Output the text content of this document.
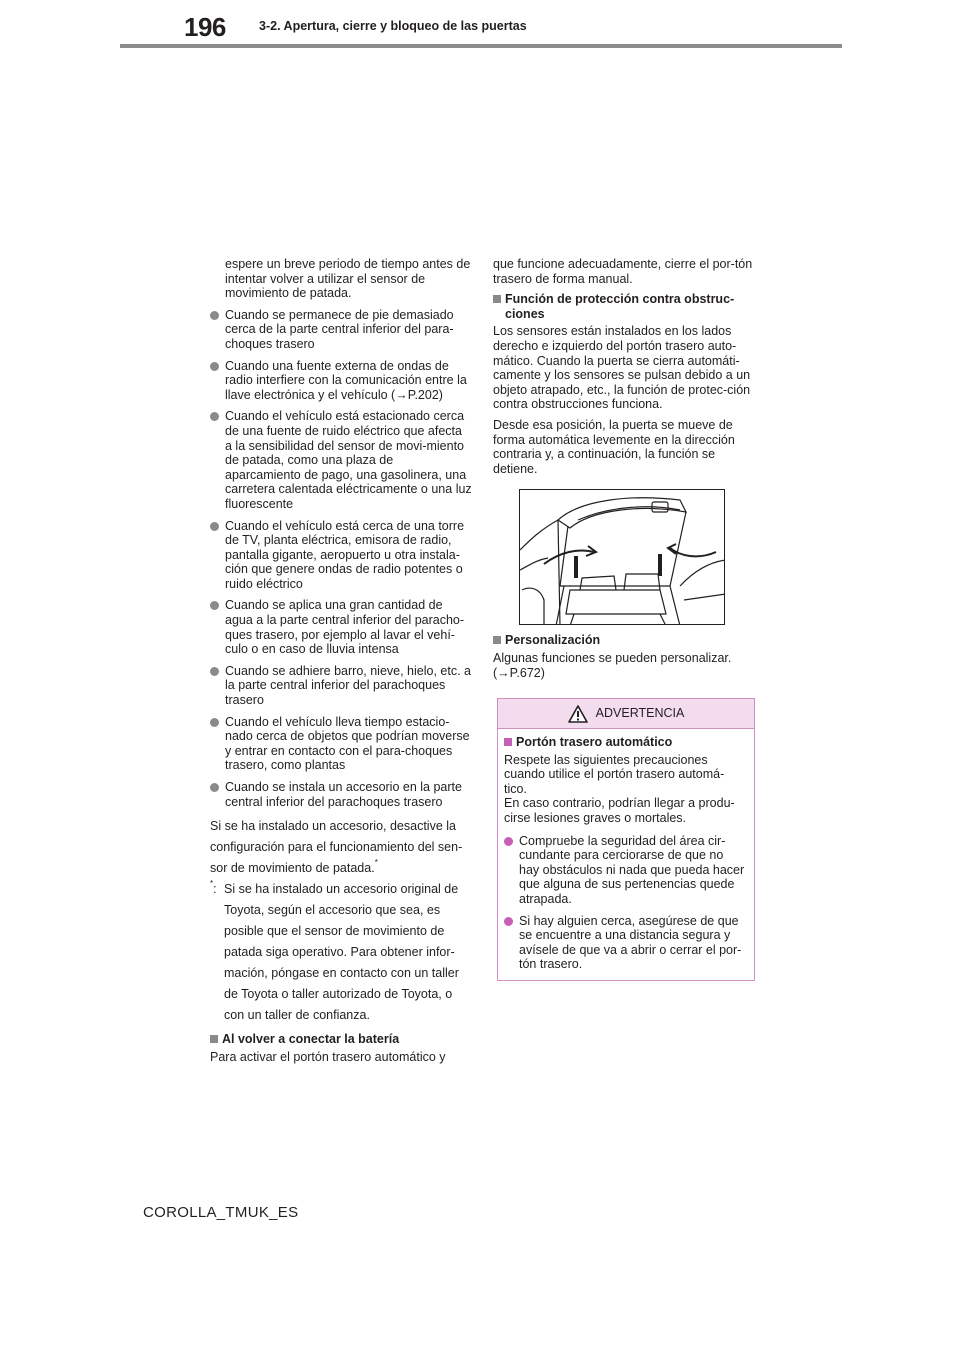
196	3-2. Apertura, cierre y bloqueo de las puertas
espere un breve periodo de tiempo antes de intentar volver a utilizar el sensor de movimiento de patada.
Cuando se permanece de pie demasiado cerca de la parte central inferior del para-choques trasero
Cuando una fuente externa de ondas de radio interfiere con la comunicación entre la llave electrónica y el vehículo (→P.202)
Cuando el vehículo está estacionado cerca de una fuente de ruido eléctrico que afecta a la sensibilidad del sensor de movi-miento de patada, como una plaza de aparcamiento de pago, una gasolinera, una carretera calentada eléctricamente o una luz fluorescente
Cuando el vehículo está cerca de una torre de TV, planta eléctrica, emisora de radio, pantalla gigante, aeropuerto u otra instala-ción que genere ondas de radio potentes o ruido eléctrico
Cuando se aplica una gran cantidad de agua a la parte central inferior del paracho-ques trasero, por ejemplo al lavar el vehí-culo o en caso de lluvia intensa
Cuando se adhiere barro, nieve, hielo, etc. a la parte central inferior del parachoques trasero
Cuando el vehículo lleva tiempo estacio-nado cerca de objetos que podrían moverse y entrar en contacto con el para-choques trasero, como plantas
Cuando se instala un accesorio en la parte central inferior del parachoques trasero

Si se ha instalado un accesorio, desactive la configuración para el funcionamiento del sen-sor de movimiento de patada.*

*: Si se ha instalado un accesorio original de Toyota, según el accesorio que sea, es posible que el sensor de movimiento de patada siga operativo. Para obtener infor-mación, póngase en contacto con un taller de Toyota o taller autorizado de Toyota, o con un taller de confianza.
Al volver a conectar la batería

Para activar el portón trasero automático y

que funcione adecuadamente, cierre el por-tón trasero de forma manual.

Función de protección contra obstruc-ciones

Los sensores están instalados en los lados derecho e izquierdo del portón trasero auto-mático. Cuando la puerta se cierra automáti-camente y los sensores se pulsan debido a un objeto atrapado, etc., la función de protec-ción contra obstrucciones funciona.

Desde esa posición, la puerta se mueve de forma automática levemente en la dirección contraria y, a continuación, la función se detiene.

Personalización

Algunas funciones se pueden personalizar. (→P.672)

ADVERTENCIA
Portón trasero automático
Respete las siguientes precauciones cuando utilice el portón trasero automá-tico.
En caso contrario, podrían llegar a produ-cirse lesiones graves o mortales.
Compruebe la seguridad del área cir-cundante para cerciorarse de que no hay obstáculos ni nada que pueda hacer que alguna de sus pertenencias quede atrapada.
Si hay alguien cerca, asegúrese de que se encuentre a una distancia segura y avísele de que va a abrir o cerrar el por-tón trasero.
COROLLA_TMUK_ES
